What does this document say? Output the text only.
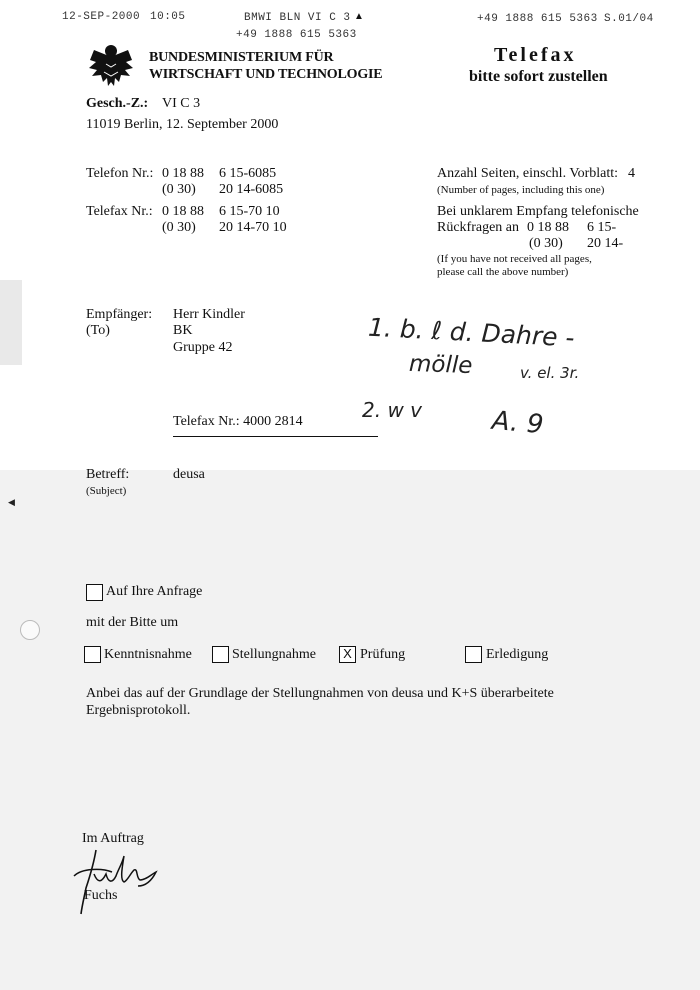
◀
12-SEP-2000 10:05	BMWI BLN VI C 3 ▲
+49 1888 615 5363
+49 1888 615 5363 S.01/04
BUNDESMINISTERIUM FÜR
WIRTSCHAFT UND TECHNOLOGIE
Telefax
bitte sofort zustellen
Gesch.-Z.: VI C 3
11019 Berlin, 12. September 2000
Telefon Nr.: 0 18 88 6 15-6085
(0 30) 20 14-6085
Telefax Nr.: 0 18 88 6 15-70 10
(0 30) 20 14-70 10
Anzahl Seiten, einschl. Vorblatt: 4
(Number of pages, including this one)
Bei unklarem Empfang telefonische
Rückfragen an 0 18 88 6 15-
(0 30) 20 14-
(If you have not received all pages,
please call the above number)
Empfänger:
(To)
Herr Kindler
BK
Gruppe 42
Telefax Nr.: 4000 2814
1. b. ℓ d. Dahre -
mölle	v. el. 3r.
2. w v	A. 9
Betreff:
(Subject)
deusa
Auf Ihre Anfrage
mit der Bitte um
Kenntnisnahme	Stellungnahme	X Prüfung	Erledigung
Anbei das auf der Grundlage der Stellungnahmen von deusa und K+S überarbeitete
Ergebnisprotokoll.
Im Auftrag
Fuchs
